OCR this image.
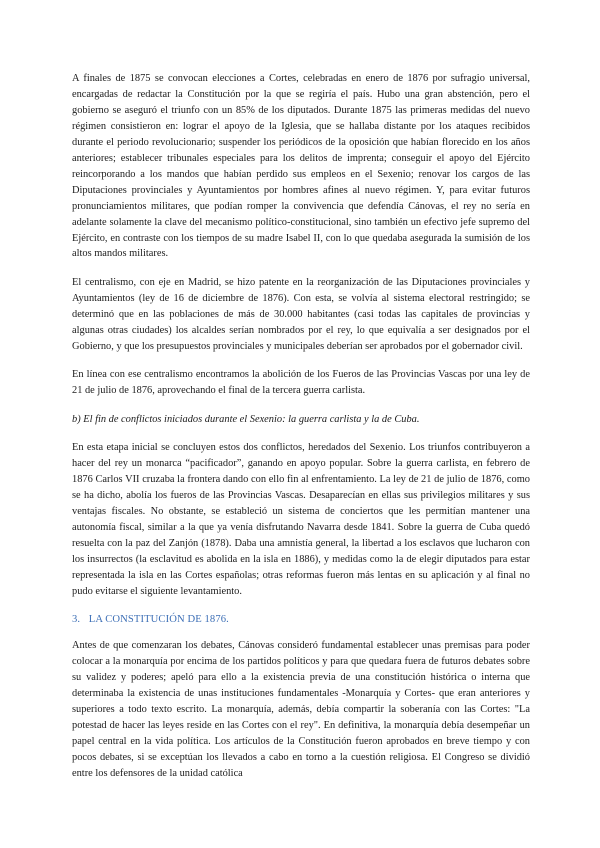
A finales de 1875 se convocan elecciones a Cortes, celebradas en enero de 1876 por sufragio universal, encargadas de redactar la Constitución por la que se regiría el país. Hubo una gran abstención, pero el gobierno se aseguró el triunfo con un 85% de los diputados. Durante 1875 las primeras medidas del nuevo régimen consistieron en: lograr el apoyo de la Iglesia, que se hallaba distante por los ataques recibidos durante el periodo revolucionario; suspender los periódicos de la oposición que habían florecido en los años anteriores; establecer tribunales especiales para los delitos de imprenta; conseguir el apoyo del Ejército reincorporando a los mandos que habían perdido sus empleos en el Sexenio; renovar los cargos de las Diputaciones provinciales y Ayuntamientos por hombres afines al nuevo régimen. Y, para evitar futuros pronunciamientos militares, que podían romper la convivencia que defendía Cánovas, el rey no sería en adelante solamente la clave del mecanismo político-constitucional, sino también un efectivo jefe supremo del Ejército, en contraste con los tiempos de su madre Isabel II, con lo que quedaba asegurada la sumisión de los altos mandos militares.

El centralismo, con eje en Madrid, se hizo patente en la reorganización de las Diputaciones provinciales y Ayuntamientos (ley de 16 de diciembre de 1876). Con esta, se volvía al sistema electoral restringido; se determinó que en las poblaciones de más de 30.000 habitantes (casi todas las capitales de provincias y algunas otras ciudades) los alcaldes serían nombrados por el rey, lo que equivalía a ser designados por el Gobierno, y que los presupuestos provinciales y municipales deberían ser aprobados por el gobernador civil.

En línea con ese centralismo encontramos la abolición de los Fueros de las Provincias Vascas por una ley de 21 de julio de 1876, aprovechando el final de la tercera guerra carlista.

b) El fin de conflictos iniciados durante el Sexenio: la guerra carlista y la de Cuba.

En esta etapa inicial se concluyen estos dos conflictos, heredados del Sexenio. Los triunfos contribuyeron a hacer del rey un monarca “pacificador”, ganando en apoyo popular. Sobre la guerra carlista, en febrero de 1876 Carlos VII cruzaba la frontera dando con ello fin al enfrentamiento. La ley de 21 de julio de 1876, como se ha dicho, abolía los fueros de las Provincias Vascas. Desaparecían en ellas sus privilegios militares y sus ventajas fiscales. No obstante, se estableció un sistema de conciertos que les permitían mantener una autonomía fiscal, similar a la que ya venía disfrutando Navarra desde 1841. Sobre la guerra de Cuba quedó resuelta con la paz del Zanjón (1878). Daba una amnistía general, la libertad a los esclavos que lucharon con los insurrectos (la esclavitud es abolida en la isla en 1886), y medidas como la de elegir diputados para estar representada la isla en las Cortes españolas; otras reformas fueron más lentas en su aplicación y al final no pudo evitarse el siguiente levantamiento.

3. LA CONSTITUCIÓN DE 1876.

Antes de que comenzaran los debates, Cánovas consideró fundamental establecer unas premisas para poder colocar a la monarquía por encima de los partidos políticos y para que quedara fuera de futuros debates sobre su validez y poderes; apeló para ello a la existencia previa de una constitución histórica o interna que determinaba la existencia de unas instituciones fundamentales -Monarquía y Cortes- que eran anteriores y superiores a todo texto escrito. La monarquía, además, debía compartir la soberanía con las Cortes: "La potestad de hacer las leyes reside en las Cortes con el rey". En definitiva, la monarquía debía desempeñar un papel central en la vida política. Los artículos de la Constitución fueron aprobados en breve tiempo y con pocos debates, si se exceptúan los llevados a cabo en torno a la cuestión religiosa. El Congreso se dividió entre los defensores de la unidad católica
